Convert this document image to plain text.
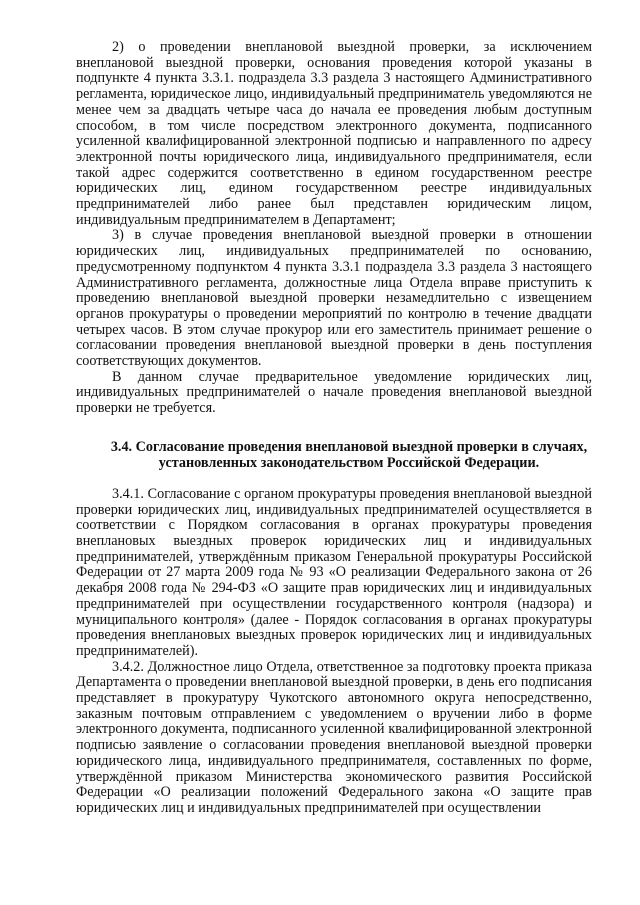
2) о проведении внеплановой выездной проверки, за исключением внеплановой выездной проверки, основания проведения которой указаны в подпункте 4 пункта 3.3.1. подраздела 3.3 раздела 3 настоящего Административного регламента, юридическое лицо, индивидуальный предприниматель уведомляются не менее чем за двадцать четыре часа до начала ее проведения любым доступным способом, в том числе посредством электронного документа, подписанного усиленной квалифицированной электронной подписью и направленного по адресу электронной почты юридического лица, индивидуального предпринимателя, если такой адрес содержится соответственно в едином государственном реестре юридических лиц, едином государственном реестре индивидуальных предпринимателей либо ранее был представлен юридическим лицом, индивидуальным предпринимателем в Департамент;

3) в случае проведения внеплановой выездной проверки в отношении юридических лиц, индивидуальных предпринимателей по основанию, предусмотренному подпунктом 4 пункта 3.3.1 подраздела 3.3 раздела 3 настоящего Административного регламента, должностные лица Отдела вправе приступить к проведению внеплановой выездной проверки незамедлительно с извещением органов прокуратуры о проведении мероприятий по контролю в течение двадцати четырех часов. В этом случае прокурор или его заместитель принимает решение о согласовании проведения внеплановой выездной проверки в день поступления соответствующих документов.

В данном случае предварительное уведомление юридических лиц, индивидуальных предпринимателей о начале проведения внеплановой выездной проверки не требуется.

3.4. Согласование проведения внеплановой выездной проверки в случаях, установленных законодательством Российской Федерации.

3.4.1. Согласование с органом прокуратуры проведения внеплановой выездной проверки юридических лиц, индивидуальных предпринимателей осуществляется в соответствии с Порядком согласования в органах прокуратуры проведения внеплановых выездных проверок юридических лиц и индивидуальных предпринимателей, утверждённым приказом Генеральной прокуратуры Российской Федерации от 27 марта 2009 года № 93 «О реализации Федерального закона от 26 декабря 2008 года № 294-ФЗ «О защите прав юридических лиц и индивидуальных предпринимателей при осуществлении государственного контроля (надзора) и муниципального контроля» (далее - Порядок согласования в органах прокуратуры проведения внеплановых выездных проверок юридических лиц и индивидуальных предпринимателей).

3.4.2. Должностное лицо Отдела, ответственное за подготовку проекта приказа Департамента о проведении внеплановой выездной проверки, в день его подписания представляет в прокуратуру Чукотского автономного округа непосредственно, заказным почтовым отправлением с уведомлением о вручении либо в форме электронного документа, подписанного усиленной квалифицированной электронной подписью заявление о согласовании проведения внеплановой выездной проверки юридического лица, индивидуального предпринимателя, составленных по форме, утверждённой приказом Министерства экономического развития Российской Федерации «О реализации положений Федерального закона «О защите прав юридических лиц и индивидуальных предпринимателей при осуществлении
